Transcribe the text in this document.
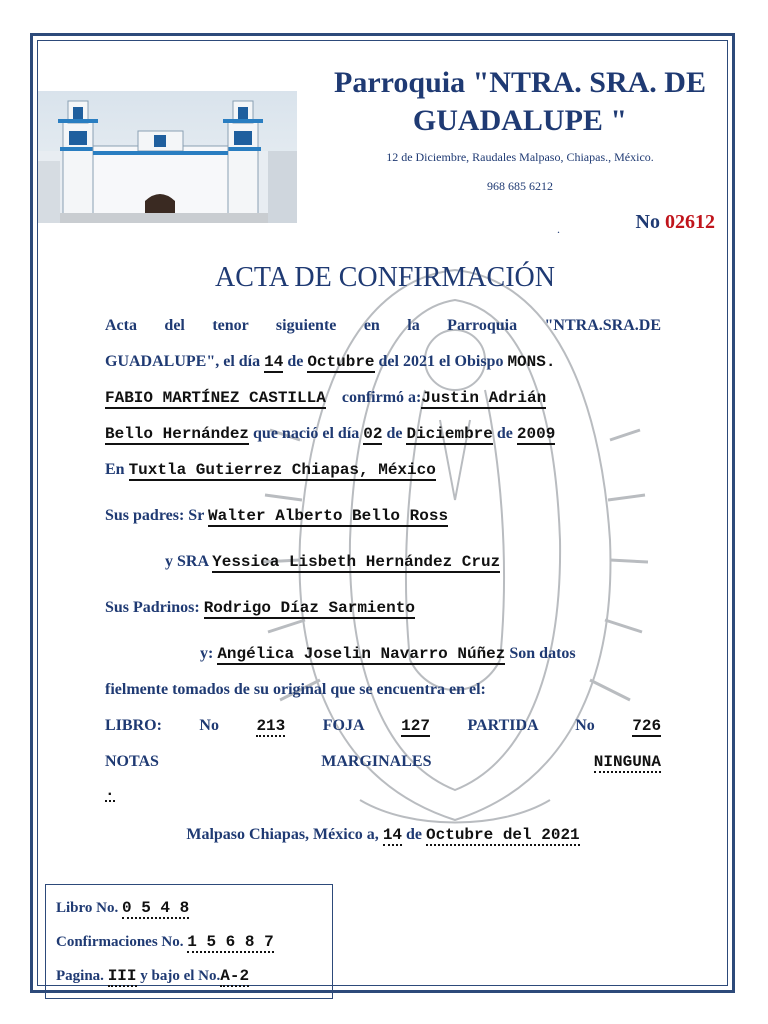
Parroquia "NTRA. SRA. DE GUADALUPE "
12 de Diciembre, Raudales Malpaso, Chiapas., México.
968 685 6212
.	No 02612
ACTA DE CONFIRMACIÓN
Acta del tenor siguiente en la Parroquia "NTRA.SRA.DE
GUADALUPE", el día 14 de Octubre del 2021 el Obispo MONS.
FABIO MARTÍNEZ CASTILLA confirmó a:Justin Adrián
Bello Hernández que nació el día 02 de Diciembre de 2009
En Tuxtla Gutierrez Chiapas, México
Sus padres: Sr Walter Alberto Bello Ross
y SRA Yessica Lisbeth Hernández Cruz
Sus Padrinos: Rodrigo Díaz Sarmiento
y: Angélica Joselin Navarro Núñez Son datos
fielmente tomados de su original que se encuentra en el:
LIBRO: No 213 FOJA 127 PARTIDA No 726
NOTAS MARGINALES	NINGUNA
.
Malpaso Chiapas, México a, 14 de Octubre del 2021
Libro No. 0 5 4 8
Confirmaciones No. 1 5 6 8 7
Pagina. III y bajo el No.A-2
